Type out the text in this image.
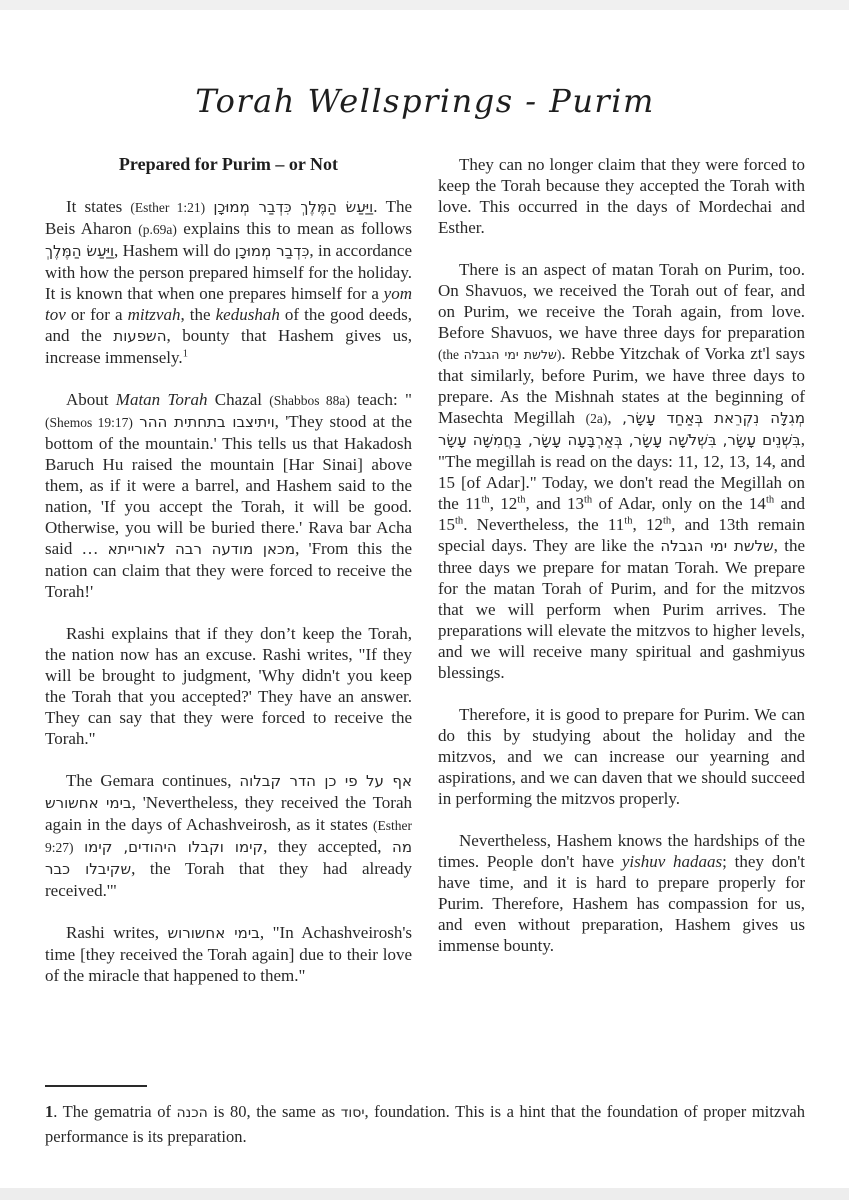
Torah Wellsprings - Purim
Prepared for Purim – or Not

It states (Esther 1:21) וַיַּעַשׂ הַמֶּלֶךְ כִּדְבַר מְמוּכָן. The Beis Aharon (p.69a) explains this to mean as follows וַיַּעַשׂ הַמֶּלֶךְ, Hashem will do כִּדְבַר מְמוּכָן, in accordance with how the person prepared himself for the holiday. It is known that when one prepares himself for a yom tov or for a mitzvah, the kedushah of the good deeds, and the השפעות, bounty that Hashem gives us, increase immensely.$^1$

About Matan Torah Chazal (Shabbos 88a) teach: "(Shemos 19:17) ויתיצבו בתחתית ההר, 'They stood at the bottom of the mountain.' This tells us that Hakadosh Baruch Hu raised the mountain [Har Sinai] above them, as if it were a barrel, and Hashem said to the nation, 'If you accept the Torah, it will be good. Otherwise, you will be buried there.' Rava bar Acha said … מכאן מודעה רבה לאורייתא, 'From this the nation can claim that they were forced to receive the Torah!'

Rashi explains that if they don’t keep the Torah, the nation now has an excuse. Rashi writes, "If they will be brought to judgment, 'Why didn't you keep the Torah that you accepted?' They have an answer. They can say that they were forced to receive the Torah."

The Gemara continues, אף על פי כן הדר קבלוה בימי אחשורש, 'Nevertheless, they received the Torah again in the days of Achashveirosh, as it states (Esther 9:27) קימו וקבלו היהודים, קימו, they accepted, מה שקיבלו כבר, the Torah that they had already received.'"

Rashi writes, בימי אחשורוש, "In Achashveirosh's time [they received the Torah again] due to their love of the miracle that happened to them."

They can no longer claim that they were forced to keep the Torah because they accepted the Torah with love. This occurred in the days of Mordechai and Esther.

There is an aspect of matan Torah on Purim, too. On Shavuos, we received the Torah out of fear, and on Purim, we receive the Torah again, from love. Before Shavuos, we have three days for preparation (the שלשת ימי הגבלה). Rebbe Yitzchak of Vorka zt'l says that similarly, before Purim, we have three days to prepare. As the Mishnah states at the beginning of Masechta Megillah (2a), מְגִלָּה נִקְרֵאת בְּאַחַד עָשָׂר, בִּשְׁנֵים עָשָׂר, בִּשְׁלֹשָׁה עָשָׂר, בְּאַרְבָּעָה עָשָׂר, בַּחֲמִשָּׁה עָשָׂר, "The megillah is read on the days: 11, 12, 13, 14, and 15 [of Adar]." Today, we don't read the Megillah on the 11th, 12th, and 13th of Adar, only on the 14th and 15th. Nevertheless, the 11th, 12th, and 13th remain special days. They are like the שלשת ימי הגבלה, the three days we prepare for matan Torah. We prepare for the matan Torah of Purim, and for the mitzvos that we will perform when Purim arrives. The preparations will elevate the mitzvos to higher levels, and we will receive many spiritual and gashmiyus blessings.

Therefore, it is good to prepare for Purim. We can do this by studying about the holiday and the mitzvos, and we can increase our yearning and aspirations, and we can daven that we should succeed in performing the mitzvos properly.

Nevertheless, Hashem knows the hardships of the times. People don't have yishuv hadaas; they don't have time, and it is hard to prepare properly for Purim. Therefore, Hashem has compassion for us, and even without preparation, Hashem gives us immense bounty.

1. The gematria of הכנה is 80, the same as יסוד, foundation. This is a hint that the foundation of proper mitzvah performance is its preparation.
